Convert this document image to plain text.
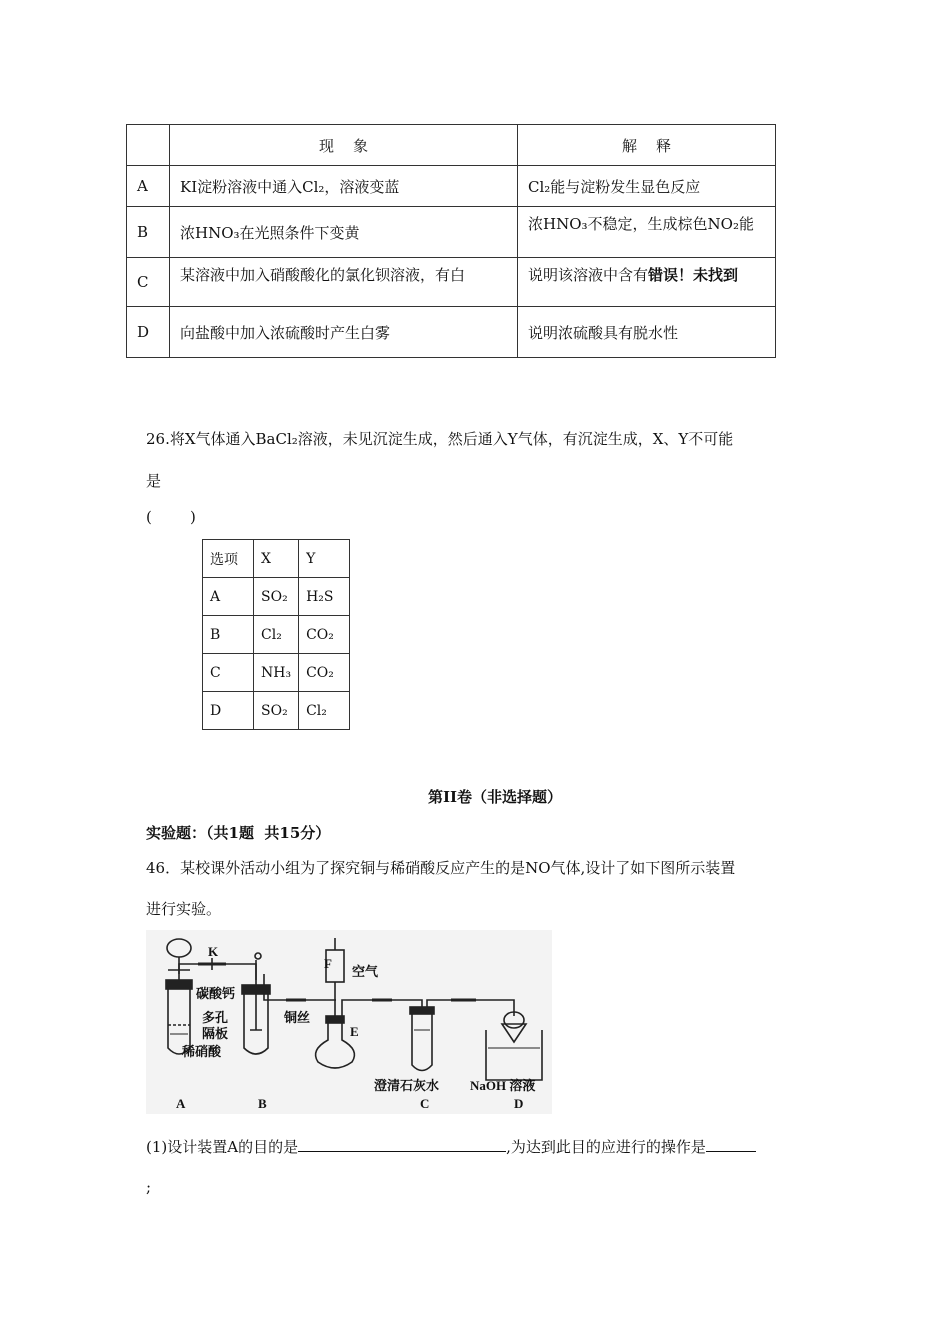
	现    象	解    释
A	KI淀粉溶液中通入Cl₂，溶液变蓝	Cl₂能与淀粉发生显色反应
B	浓HNO₃在光照条件下变黄	浓HNO₃不稳定，生成棕色NO₂能

C	某溶液中加入硝酸酸化的氯化钡溶液，有白	说明该溶液中含有错误！未找到

D	向盐酸中加入浓硫酸时产生白雾	说明浓硫酸具有脱水性
26.将X气体通入BaCl₂溶液，未见沉淀生成，然后通入Y气体，有沉淀生成，X、Y不可能
是
(        )
选项	X	Y
A	SO₂	H₂S
B	Cl₂	CO₂
C	NH₃	CO₂
D	SO₂	Cl₂
第II卷（非选择题）
实验题：（共1题  共15分）
46．某校课外活动小组为了探究铜与稀硝酸反应产生的是NO气体,设计了如下图所示装置
进行实验。
K
F
空气
碳酸钙
多孔
隔板
稀硝酸
铜丝
E
澄清石灰水 NaOH 溶液
A	B	C	D
(1)设计装置A的目的是	,为达到此目的应进行的操作是
;
